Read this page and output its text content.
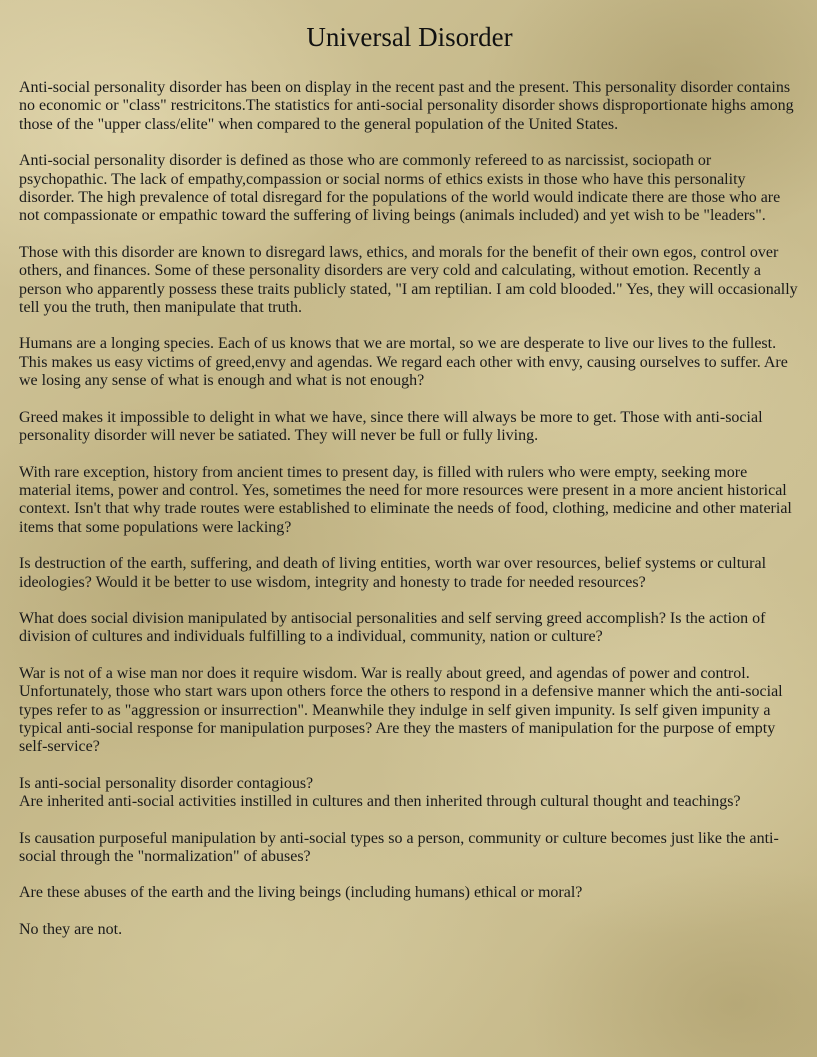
Universal Disorder

Anti-social personality disorder has been on display in the recent past and the present. This personality disorder contains no economic or "class" restricitons.The statistics for anti-social personality disorder shows disproportionate highs among those of the "upper class/elite" when compared to the general population of the United States.

Anti-social personality disorder is defined as those who are commonly refereed to as narcissist, sociopath or psychopathic. The lack of empathy,compassion or social norms of ethics exists in those who have this personality disorder. The high prevalence of total disregard for the populations of the world would indicate there are those who are not compassionate or empathic toward the suffering of living beings (animals included) and yet wish to be "leaders".

Those with this disorder are known to disregard laws, ethics, and morals for the benefit of their own egos, control over others, and finances. Some of these personality disorders are very cold and calculating, without emotion. Recently a person who apparently possess these traits publicly stated, "I am reptilian. I am cold blooded." Yes, they will occasionally tell you the truth, then manipulate that truth.

Humans are a longing species. Each of us knows that we are mortal, so we are desperate to live our lives to the fullest. This makes us easy victims of greed,envy and agendas. We regard each other with envy, causing ourselves to suffer. Are we losing any sense of what is enough and what is not enough?

Greed makes it impossible to delight in what we have, since there will always be more to get. Those with anti-social personality disorder will never be satiated. They will never be full or fully living.

With rare exception, history from ancient times to present day, is filled with rulers who were empty, seeking more material items, power and control. Yes, sometimes the need for more resources were present in a more ancient historical context. Isn't that why trade routes were established to eliminate the needs of food, clothing, medicine and other material items that some populations were lacking?

Is destruction of the earth, suffering, and death of living entities, worth war over resources, belief systems or cultural ideologies? Would it be better to use wisdom, integrity and honesty to trade for needed resources?

What does social division manipulated by antisocial personalities and self serving greed accomplish? Is the action of division of cultures and individuals fulfilling to a individual, community, nation or culture?

War is not of a wise man nor does it require wisdom. War is really about greed, and agendas of power and control. Unfortunately, those who start wars upon others force the others to respond in a defensive manner which the anti-social types refer to as "aggression or insurrection". Meanwhile they indulge in self given impunity. Is self given impunity a typical anti-social response for manipulation purposes? Are they the masters of manipulation for the purpose of empty self-service?

Is anti-social personality disorder contagious?
Are inherited anti-social activities instilled in cultures and then inherited through cultural thought and teachings?

Is causation purposeful manipulation by anti-social types so a person, community or culture becomes just like the anti-social through the "normalization" of abuses?

Are these abuses of the earth and the living beings (including humans) ethical or moral?

No they are not.
